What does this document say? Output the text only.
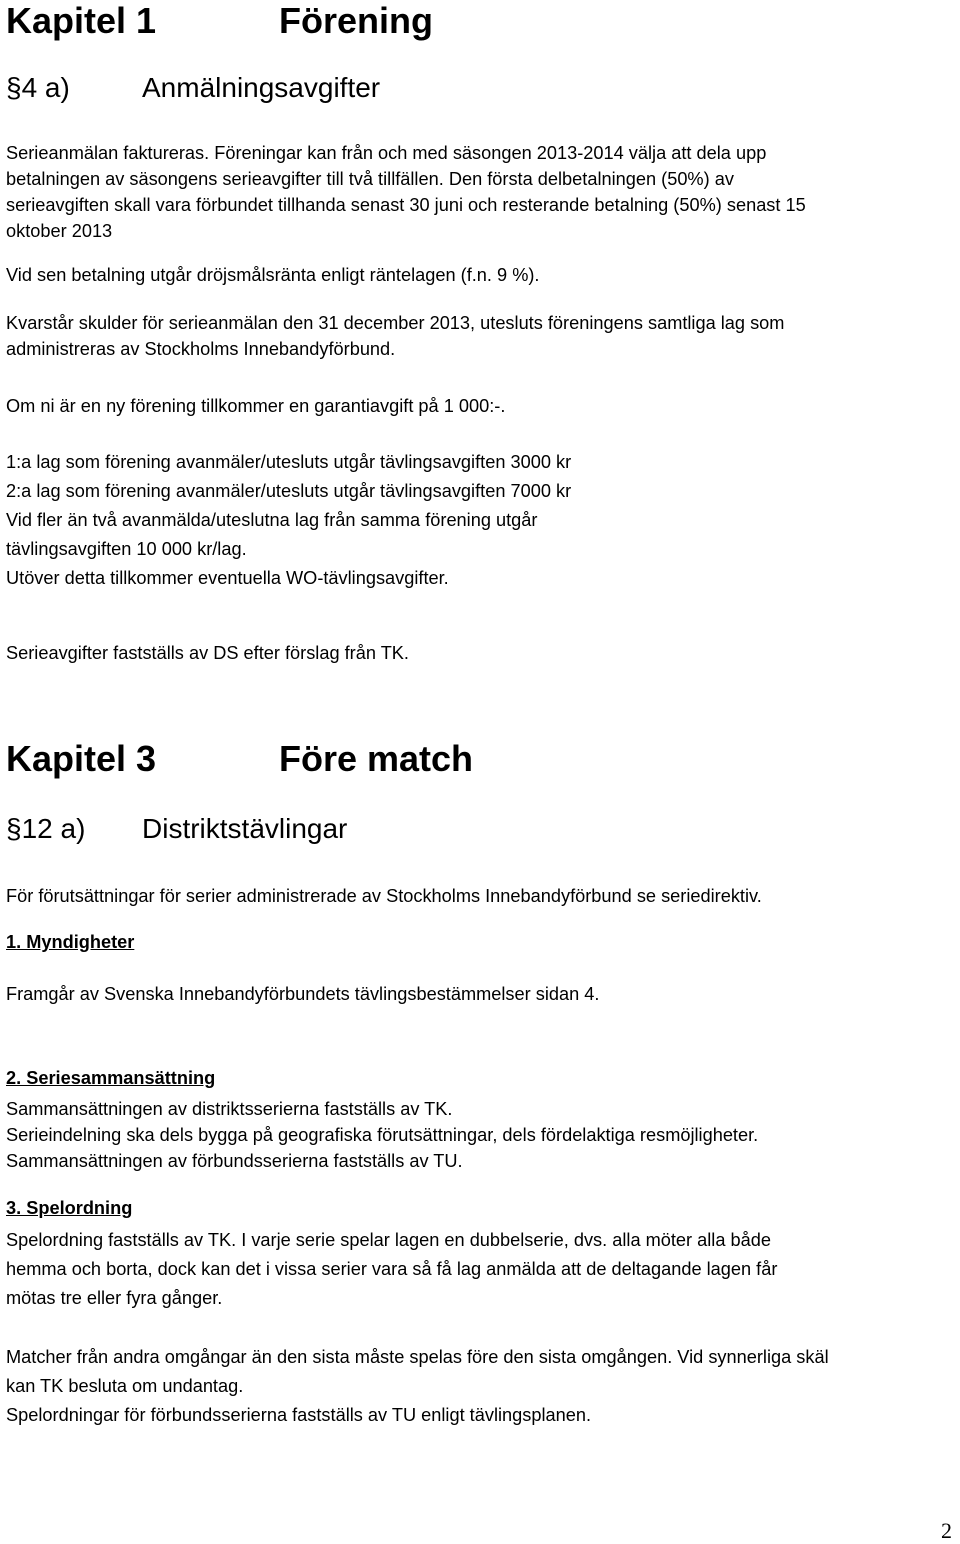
Kapitel 1	Förening
§4 a)	Anmälningsavgifter
Serieanmälan faktureras. Föreningar kan från och med säsongen 2013-2014 välja att dela upp
betalningen av säsongens serieavgifter till två tillfällen. Den första delbetalningen (50%) av
serieavgiften skall vara förbundet tillhanda senast 30 juni och resterande betalning (50%) senast 15
oktober 2013
Vid sen betalning utgår dröjsmålsränta enligt räntelagen (f.n. 9 %).
Kvarstår skulder för serieanmälan den 31 december 2013, utesluts föreningens samtliga lag som
administreras av Stockholms Innebandyförbund.
Om ni är en ny förening tillkommer en garantiavgift på 1 000:-.
1:a lag som förening avanmäler/utesluts utgår tävlingsavgiften 3000 kr
2:a lag som förening avanmäler/utesluts utgår tävlingsavgiften 7000 kr
Vid fler än två avanmälda/uteslutna lag från samma förening utgår
tävlingsavgiften 10 000 kr/lag.
Utöver detta tillkommer eventuella WO-tävlingsavgifter.
Serieavgifter fastställs av DS efter förslag från TK.
Kapitel 3	Före match
§12 a) Distriktstävlingar
För förutsättningar för serier administrerade av Stockholms Innebandyförbund se seriedirektiv.
1. Myndigheter
Framgår av Svenska Innebandyförbundets tävlingsbestämmelser sidan 4.
2. Seriesammansättning
Sammansättningen av distriktsserierna fastställs av TK.
Serieindelning ska dels bygga på geografiska förutsättningar, dels fördelaktiga resmöjligheter.
Sammansättningen av förbundsserierna fastställs av TU.
3. Spelordning
Spelordning fastställs av TK. I varje serie spelar lagen en dubbelserie, dvs. alla möter alla både
hemma och borta, dock kan det i vissa serier vara så få lag anmälda att de deltagande lagen får
mötas tre eller fyra gånger.
Matcher från andra omgångar än den sista måste spelas före den sista omgången. Vid synnerliga skäl
kan TK besluta om undantag.
Spelordningar för förbundsserierna fastställs av TU enligt tävlingsplanen.
2
